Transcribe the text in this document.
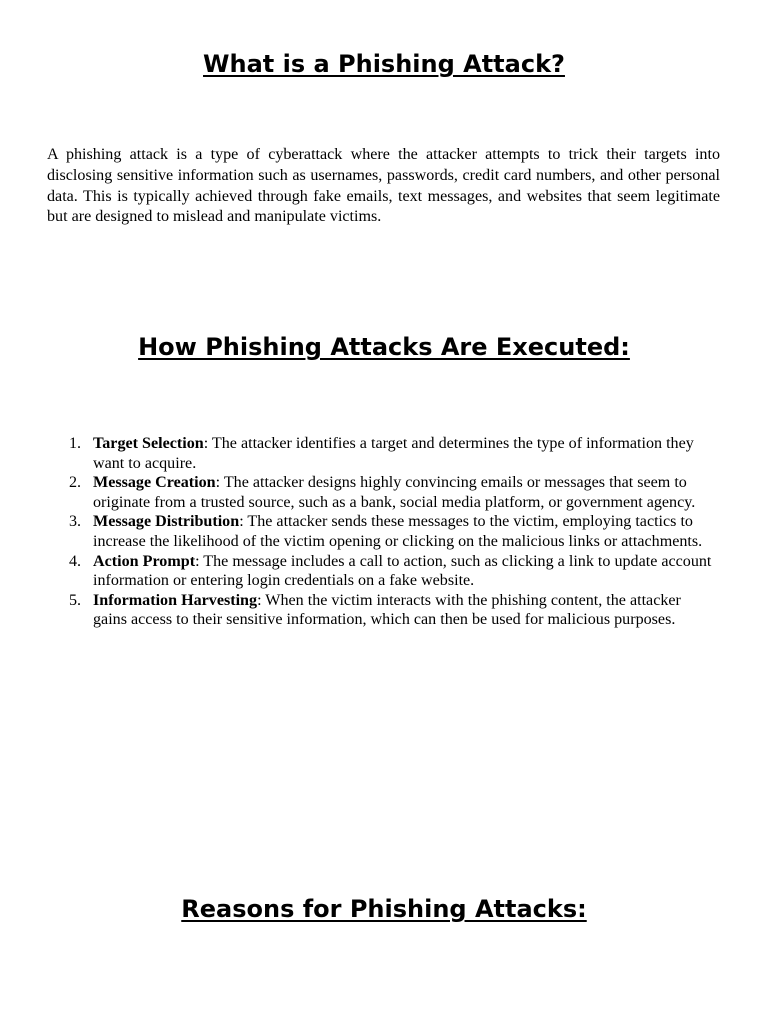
What is a Phishing Attack?

A phishing attack is a type of cyberattack where the attacker attempts to trick their targets into disclosing sensitive information such as usernames, passwords, credit card numbers, and other personal data. This is typically achieved through fake emails, text messages, and websites that seem legitimate but are designed to mislead and manipulate victims.

How Phishing Attacks Are Executed:
1. Target Selection: The attacker identifies a target and determines the type of information they want to acquire.
2. Message Creation: The attacker designs highly convincing emails or messages that seem to originate from a trusted source, such as a bank, social media platform, or government agency.
3. Message Distribution: The attacker sends these messages to the victim, employing tactics to increase the likelihood of the victim opening or clicking on the malicious links or attachments.
4. Action Prompt: The message includes a call to action, such as clicking a link to update account information or entering login credentials on a fake website.
5. Information Harvesting: When the victim interacts with the phishing content, the attacker gains access to their sensitive information, which can then be used for malicious purposes.
Reasons for Phishing Attacks:
